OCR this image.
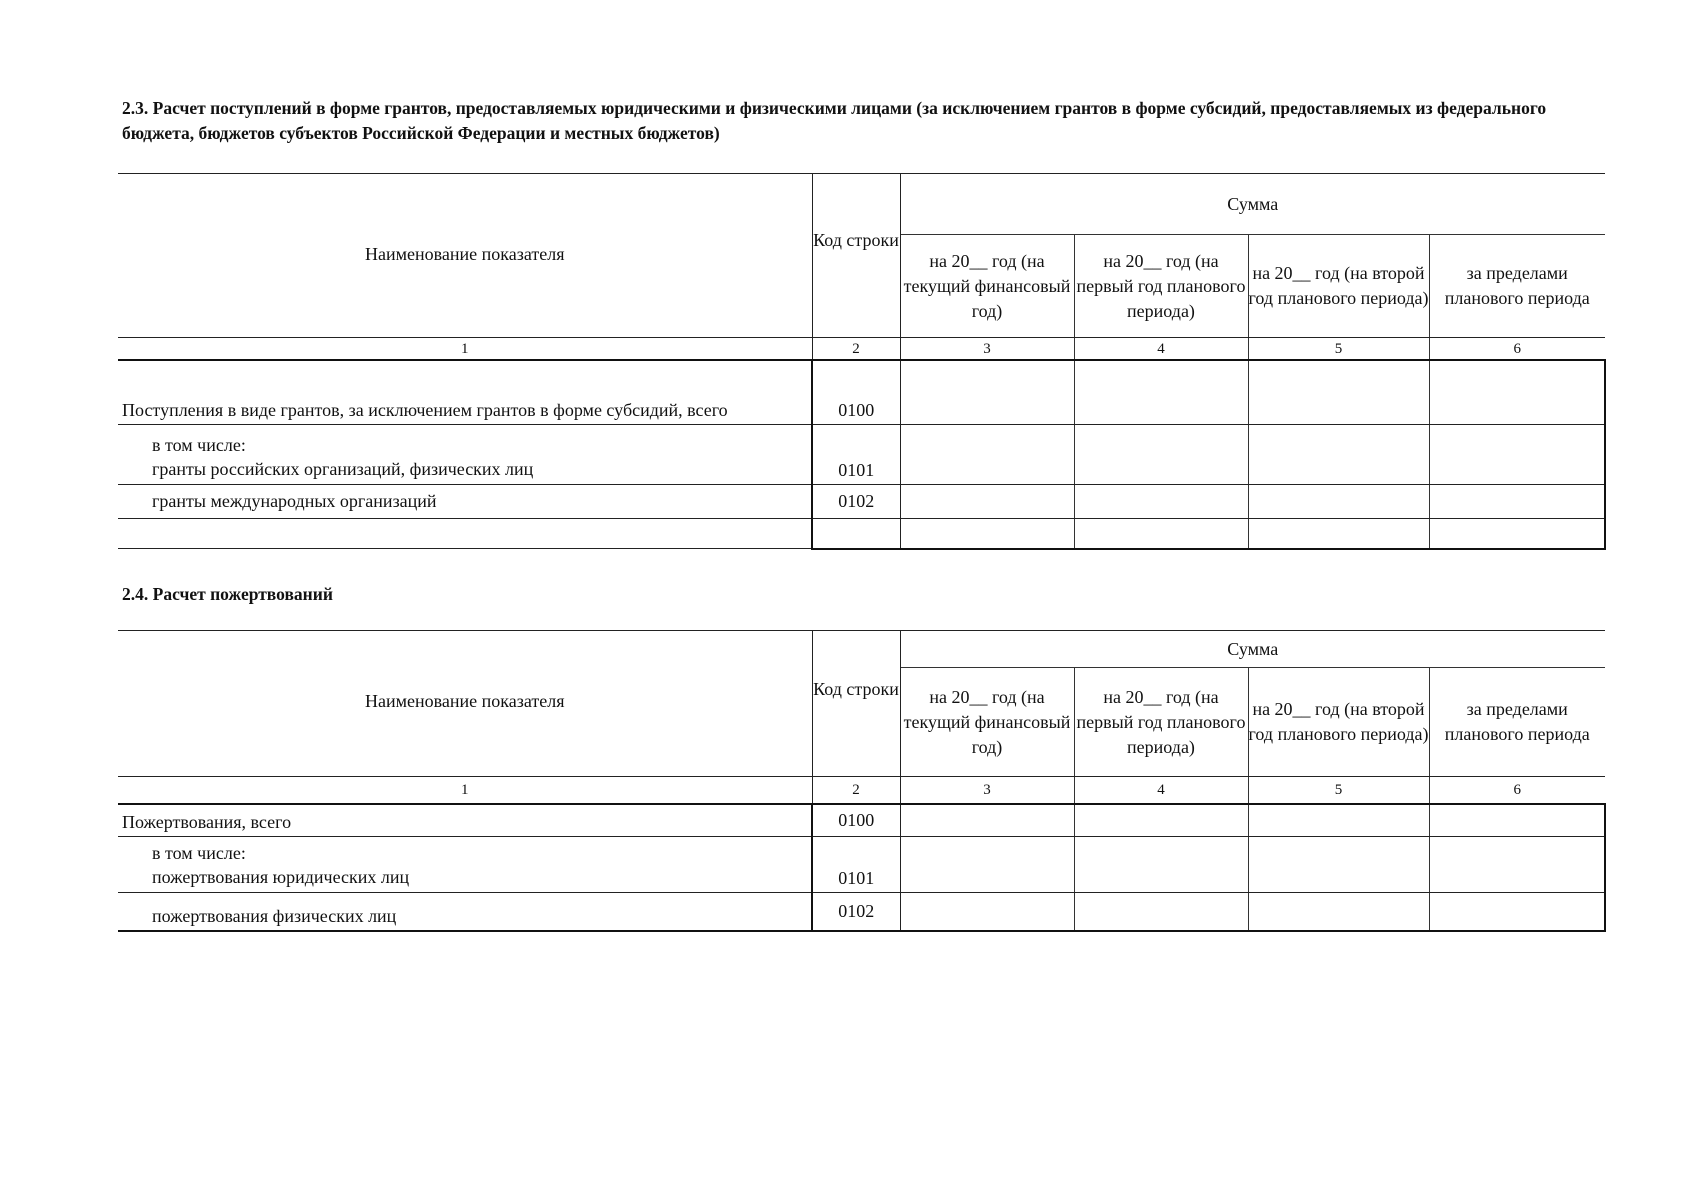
2.3. Расчет поступлений в форме грантов, предоставляемых юридическими и физическими лицами (за исключением грантов в форме субсидий, предоставляемых из федерального бюджета, бюджетов субъектов Российской Федерации и местных бюджетов)
Наименование показателя	Код строки	Сумма			
		на 20__ год (на текущий финансовый год)	на 20__ год (на первый год планового периода)	на 20__ год (на второй год планового периода)	за пределами планового периода
1	2	3	4	5	6
Поступления в виде грантов, за исключением грантов в форме субсидий, всего	0100				

в том числе:
гранты российских организаций, физических лиц	0101				
гранты международных организаций	0102				

2.4. Расчет пожертвований
Наименование показателя	Код строки	Сумма			
		на 20__ год (на текущий финансовый год)	на 20__ год (на первый год планового периода)	на 20__ год (на второй год планового периода)	за пределами планового периода
1	2	3	4	5	6
Пожертвования, всего	0100				

в том числе:
пожертвования юридических лиц	0101				
пожертвования физических лиц	0102				
